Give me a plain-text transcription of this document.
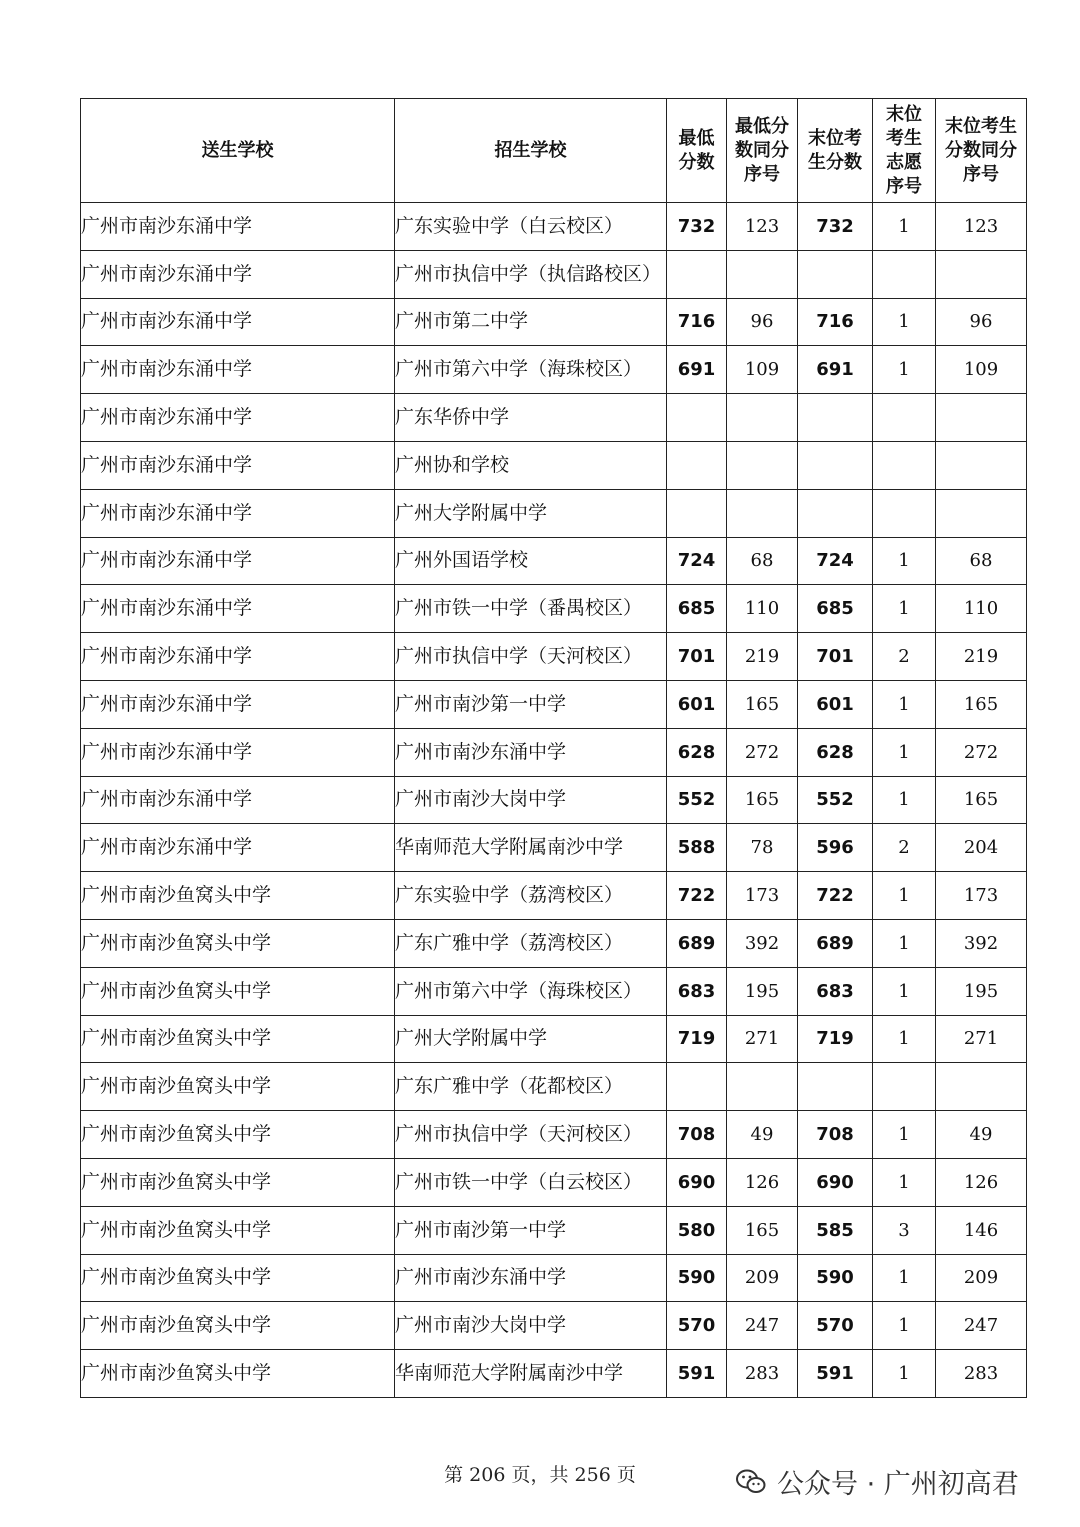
送生学校	招生学校	最低分数	最低分数同分序号	末位考生分数	末位考生志愿序号	末位考生分数同分序号
广州市南沙东涌中学	广东实验中学（白云校区）	732	123	732	1	123
广州市南沙东涌中学	广州市执信中学（执信路校区）					
广州市南沙东涌中学	广州市第二中学	716	96	716	1	96
广州市南沙东涌中学	广州市第六中学（海珠校区）	691	109	691	1	109
广州市南沙东涌中学	广东华侨中学					
广州市南沙东涌中学	广州协和学校					
广州市南沙东涌中学	广州大学附属中学					
广州市南沙东涌中学	广州外国语学校	724	68	724	1	68
广州市南沙东涌中学	广州市铁一中学（番禺校区）	685	110	685	1	110
广州市南沙东涌中学	广州市执信中学（天河校区）	701	219	701	2	219
广州市南沙东涌中学	广州市南沙第一中学	601	165	601	1	165
广州市南沙东涌中学	广州市南沙东涌中学	628	272	628	1	272
广州市南沙东涌中学	广州市南沙大岗中学	552	165	552	1	165
广州市南沙东涌中学	华南师范大学附属南沙中学	588	78	596	2	204
广州市南沙鱼窝头中学	广东实验中学（荔湾校区）	722	173	722	1	173
广州市南沙鱼窝头中学	广东广雅中学（荔湾校区）	689	392	689	1	392
广州市南沙鱼窝头中学	广州市第六中学（海珠校区）	683	195	683	1	195
广州市南沙鱼窝头中学	广州大学附属中学	719	271	719	1	271
广州市南沙鱼窝头中学	广东广雅中学（花都校区）					
广州市南沙鱼窝头中学	广州市执信中学（天河校区）	708	49	708	1	49
广州市南沙鱼窝头中学	广州市铁一中学（白云校区）	690	126	690	1	126
广州市南沙鱼窝头中学	广州市南沙第一中学	580	165	585	3	146
广州市南沙鱼窝头中学	广州市南沙东涌中学	590	209	590	1	209
广州市南沙鱼窝头中学	广州市南沙大岗中学	570	247	570	1	247
广州市南沙鱼窝头中学	华南师范大学附属南沙中学	591	283	591	1	283
第 206 页，共 256 页	公众号 · 广州初高君
